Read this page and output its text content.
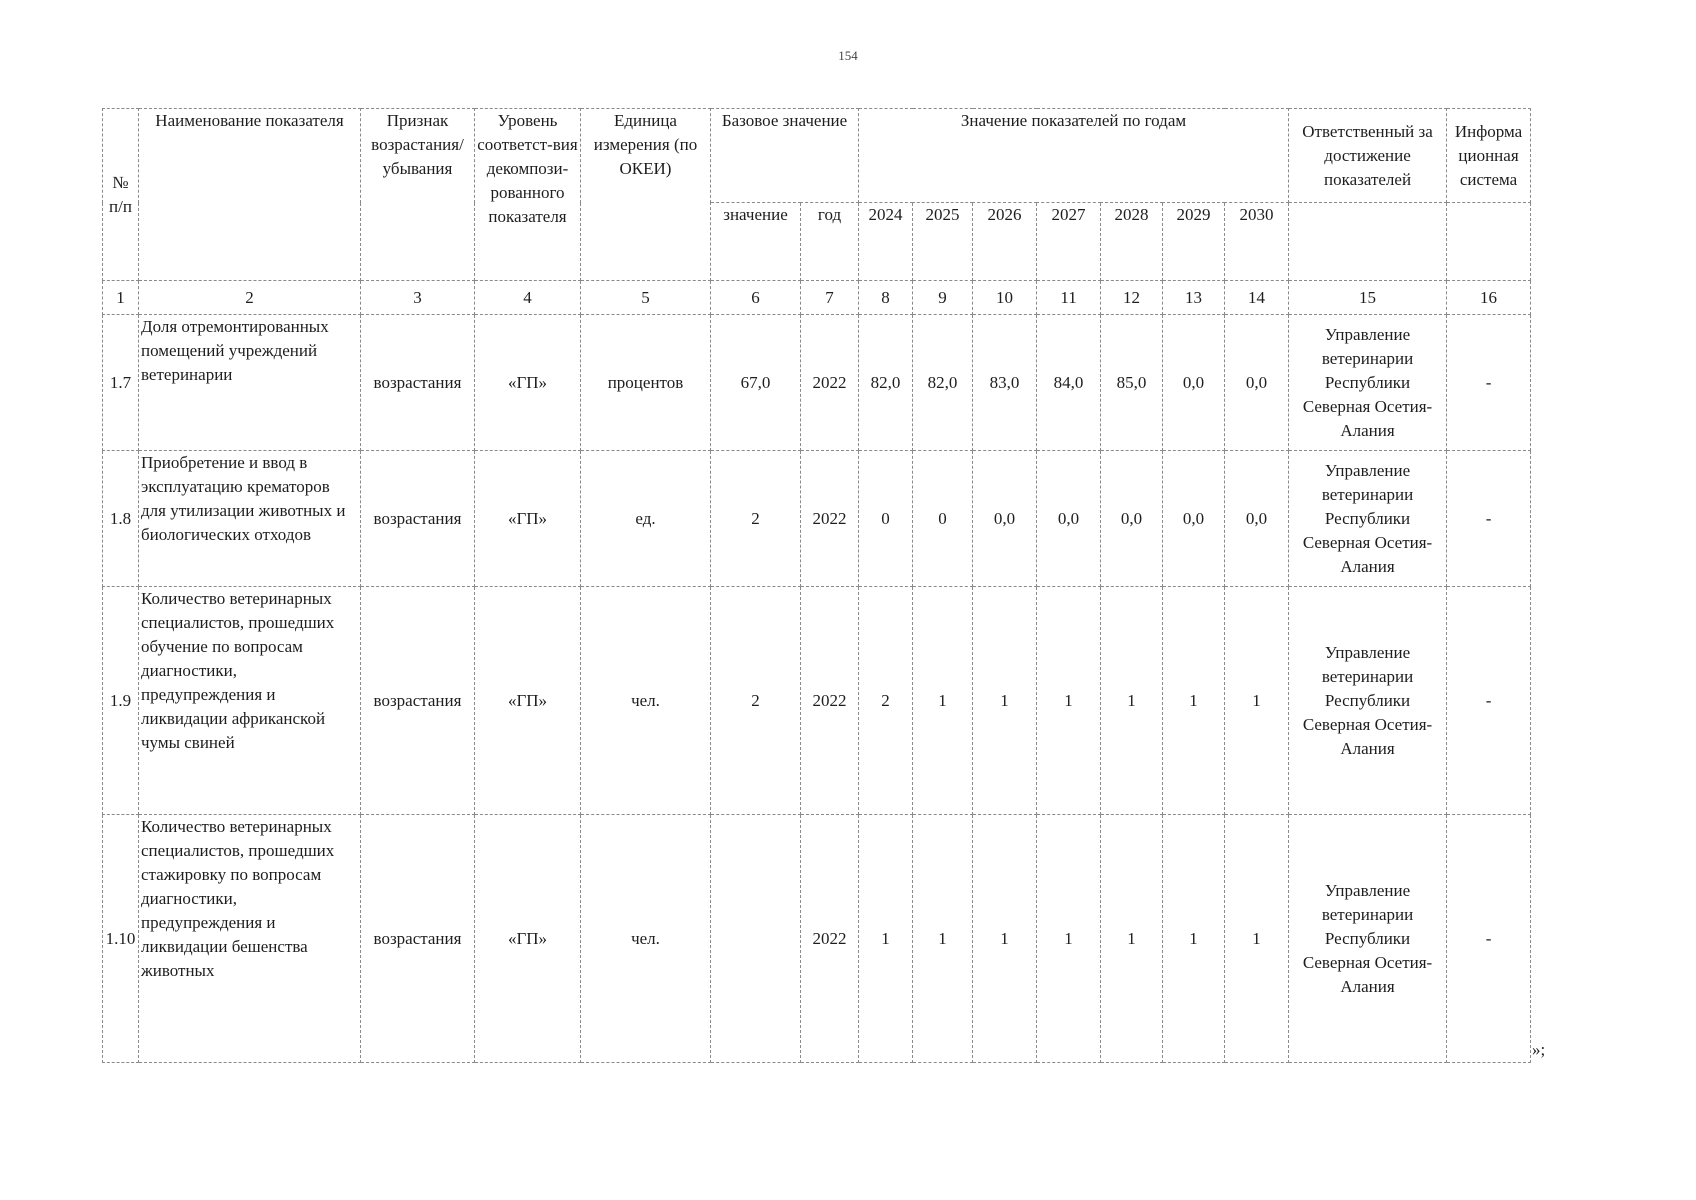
154
№ п/п	Наименование показателя	Признак возрастания/ убывания	Уровень соответст-вия декомпози-рованного показателя	Единица измерения (по ОКЕИ)	Базовое значение		Значение показателей по годам							Ответственный за достижение показателей	Информа ционная система
					значение	год	2024	2025	2026	2027	2028	2029	2030		
1	2	3	4	5	6	7	8	9	10	11	12	13	14	15	16
1.7	Доля отремонтированных помещений учреждений ветеринарии	возрастания	«ГП»	процентов	67,0	2022	82,0	82,0	83,0	84,0	85,0	0,0	0,0	Управление ветеринарии Республики Северная Осетия-Алания	-
1.8	Приобретение и ввод в эксплуатацию крематоров для утилизации животных и биологических отходов	возрастания	«ГП»	ед.	2	2022	0	0	0,0	0,0	0,0	0,0	0,0	Управление ветеринарии Республики Северная Осетия-Алания	-
1.9	Количество ветеринарных специалистов, прошедших обучение по вопросам диагностики, предупреждения и ликвидации африканской чумы свиней	возрастания	«ГП»	чел.	2	2022	2	1	1	1	1	1	1	Управление ветеринарии Республики Северная Осетия-Алания	-
1.10	Количество ветеринарных специалистов, прошедших стажировку по вопросам диагностики, предупреждения и ликвидации бешенства животных	возрастания	«ГП»	чел.		2022	1	1	1	1	1	1	1	Управление ветеринарии Республики Северная Осетия-Алания	-
»;
